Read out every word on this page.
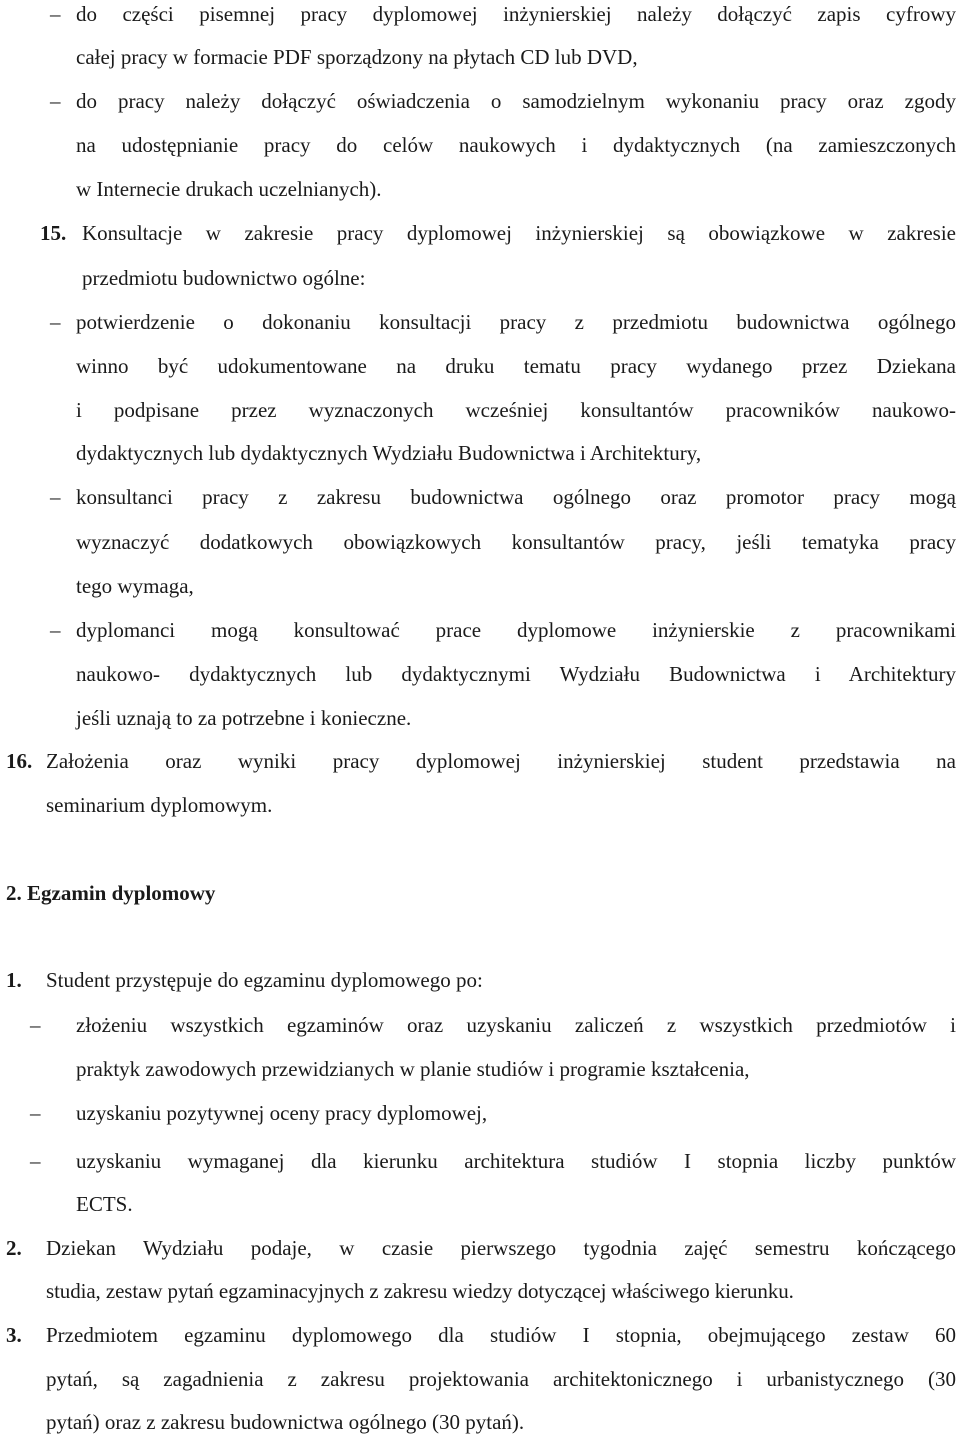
– do części pisemnej pracy dyplomowej inżynierskiej należy dołączyć zapis cyfrowy
całej pracy w formacie PDF sporządzony na płytach CD lub DVD,
– do pracy należy dołączyć oświadczenia o samodzielnym wykonaniu pracy oraz zgody
na udostępnianie pracy do celów naukowych i dydaktycznych (na zamieszczonych
w Internecie drukach uczelnianych).
15. Konsultacje w zakresie pracy dyplomowej inżynierskiej są obowiązkowe w zakresie
przedmiotu budownictwo ogólne:
– potwierdzenie o dokonaniu konsultacji pracy z przedmiotu budownictwa ogólnego
winno być udokumentowane na druku tematu pracy wydanego przez Dziekana
i podpisane przez wyznaczonych wcześniej konsultantów pracowników naukowo-
dydaktycznych lub dydaktycznych Wydziału Budownictwa i Architektury,
– konsultanci pracy z zakresu budownictwa ogólnego oraz promotor pracy mogą
wyznaczyć dodatkowych obowiązkowych konsultantów pracy, jeśli tematyka pracy
tego wymaga,
– dyplomanci mogą konsultować prace dyplomowe inżynierskie z pracownikami
naukowo- dydaktycznych lub dydaktycznymi Wydziału Budownictwa i Architektury
jeśli uznają to za potrzebne i konieczne.
16. Założenia oraz wyniki pracy dyplomowej inżynierskiej student przedstawia na
seminarium dyplomowym.
2. Egzamin dyplomowy
1. Student przystępuje do egzaminu dyplomowego po:
– złożeniu wszystkich egzaminów oraz uzyskaniu zaliczeń z wszystkich przedmiotów i
praktyk zawodowych przewidzianych w planie studiów i programie kształcenia,
– uzyskaniu pozytywnej oceny pracy dyplomowej,
– uzyskaniu wymaganej dla kierunku architektura studiów I stopnia liczby punktów
ECTS.
2. Dziekan Wydziału podaje, w czasie pierwszego tygodnia zajęć semestru kończącego
studia, zestaw pytań egzaminacyjnych z zakresu wiedzy dotyczącej właściwego kierunku.
3. Przedmiotem egzaminu dyplomowego dla studiów I stopnia, obejmującego zestaw 60
pytań, są zagadnienia z zakresu projektowania architektonicznego i urbanistycznego (30
pytań) oraz z zakresu budownictwa ogólnego (30 pytań).
